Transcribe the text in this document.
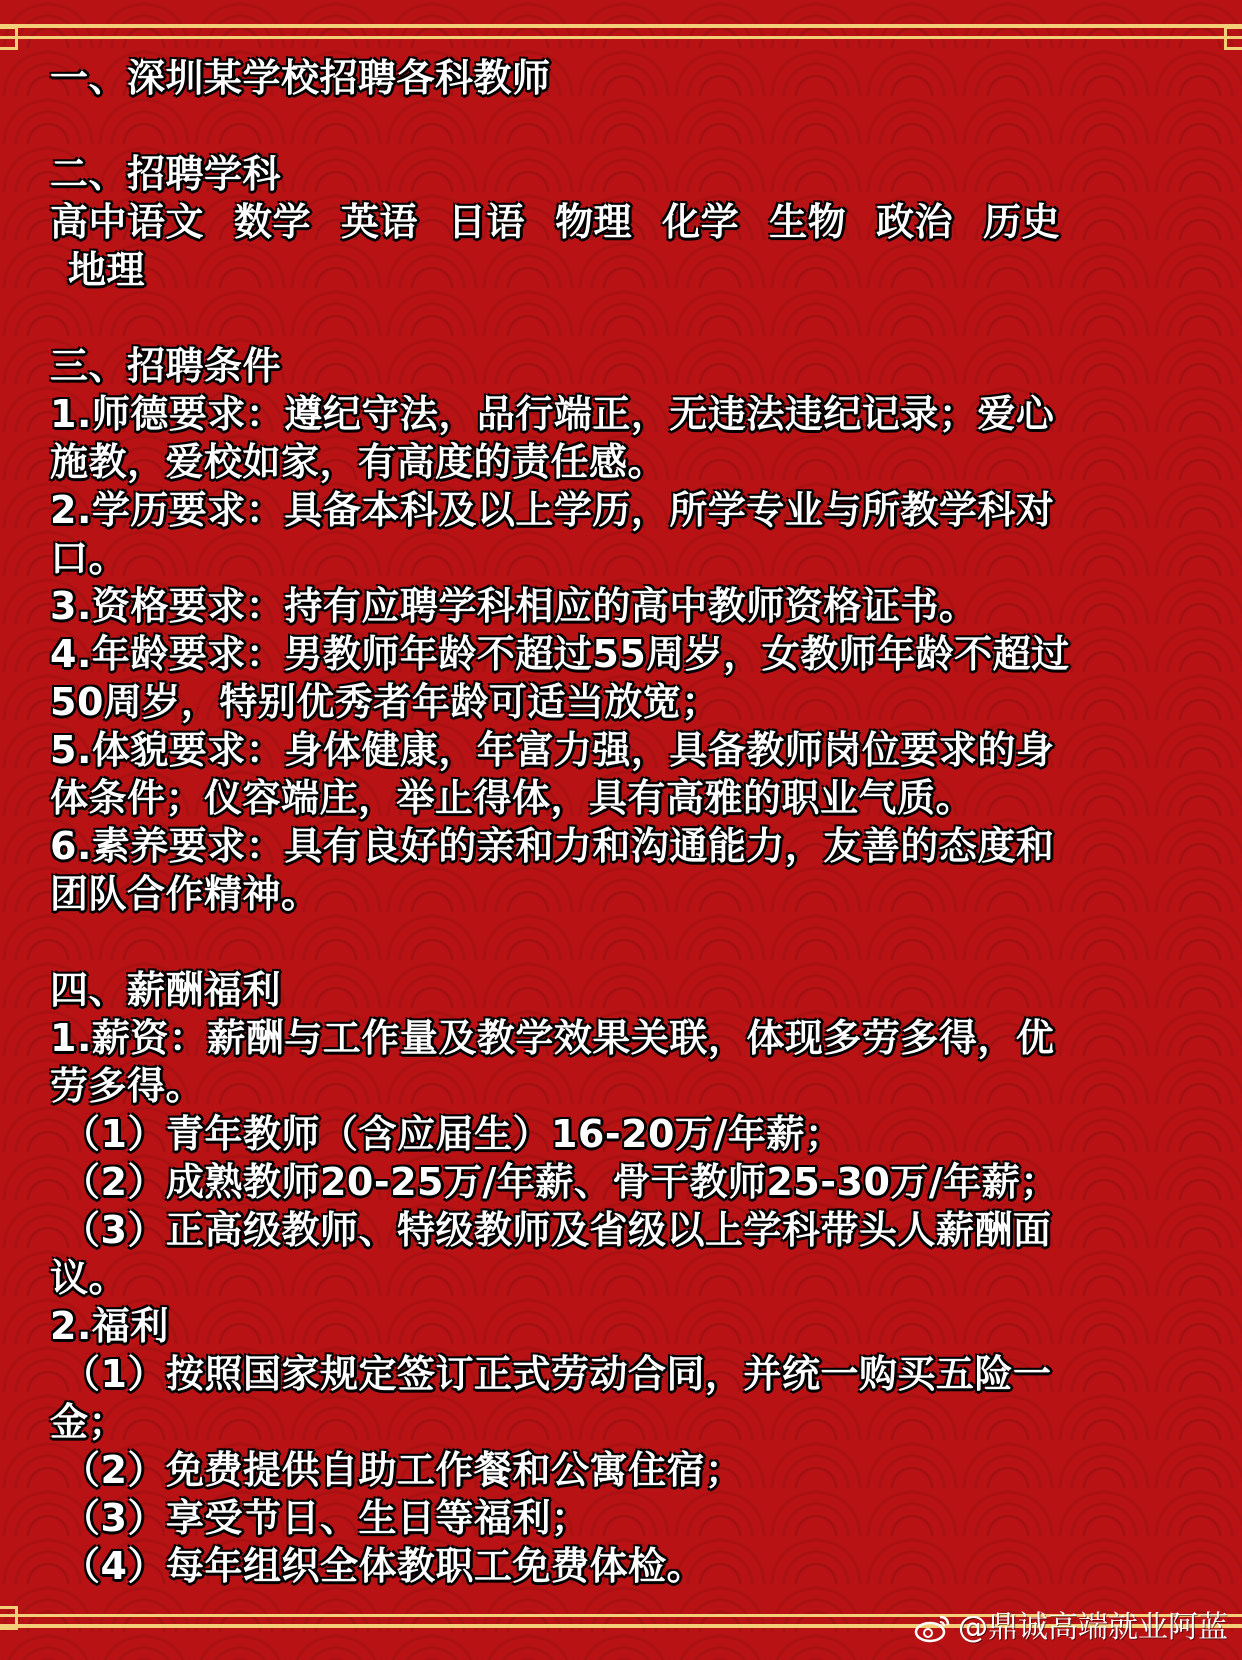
一、深圳某学校招聘各科教师
二、招聘学科
高中语文 数学 英语 日语 物理 化学 生物 政治 历史
地理
三、招聘条件
1.师德要求：遵纪守法，品行端正，无违法违纪记录；爱心
施教，爱校如家，有高度的责任感。
2.学历要求：具备本科及以上学历，所学专业与所教学科对
口。
3.资格要求：持有应聘学科相应的高中教师资格证书。
4.年龄要求：男教师年龄不超过55周岁，女教师年龄不超过
50周岁，特别优秀者年龄可适当放宽；
5.体貌要求：身体健康，年富力强，具备教师岗位要求的身
体条件；仪容端庄，举止得体，具有高雅的职业气质。
6.素养要求：具有良好的亲和力和沟通能力，友善的态度和
团队合作精神。
四、薪酬福利
1.薪资：薪酬与工作量及教学效果关联，体现多劳多得，优
劳多得。
（1）青年教师（含应届生）16-20万/年薪；
（2）成熟教师20-25万/年薪、骨干教师25-30万/年薪；
（3）正高级教师、特级教师及省级以上学科带头人薪酬面
议。
2.福利
（1）按照国家规定签订正式劳动合同，并统一购买五险一
金；
（2）免费提供自助工作餐和公寓住宿；
（3）享受节日、生日等福利；
（4）每年组织全体教职工免费体检。
@鼎诚高端就业阿蓝
